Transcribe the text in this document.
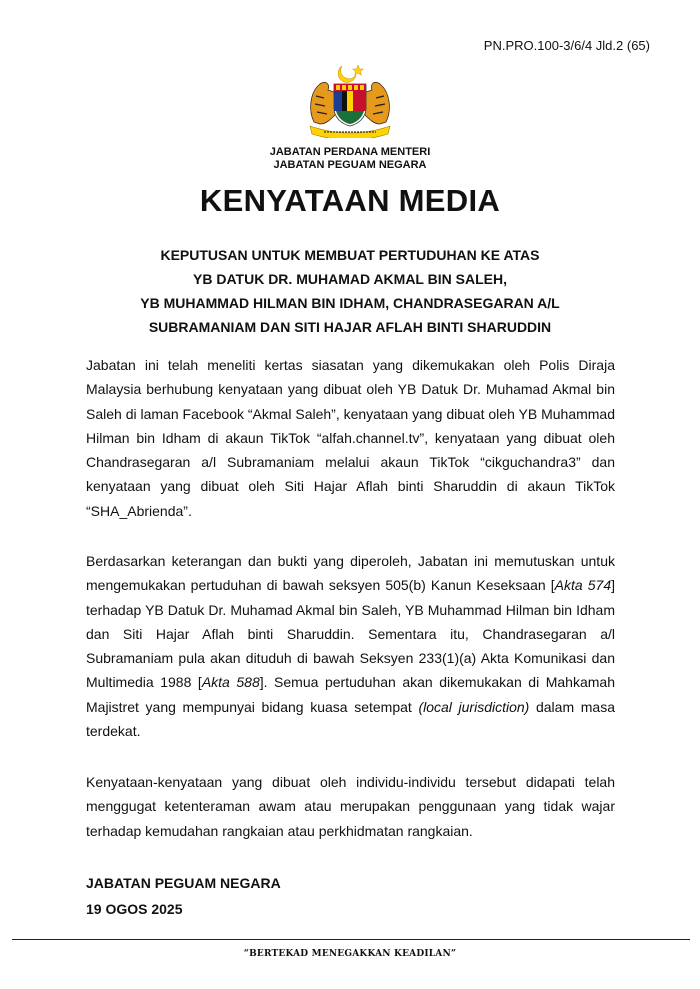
PN.PRO.100-3/6/4 Jld.2 (65)
JABATAN PERDANA MENTERI
JABATAN PEGUAM NEGARA
KENYATAAN MEDIA
KEPUTUSAN UNTUK MEMBUAT PERTUDUHAN KE ATAS
YB DATUK DR. MUHAMAD AKMAL BIN SALEH,
YB MUHAMMAD HILMAN BIN IDHAM, CHANDRASEGARAN A/L
SUBRAMANIAM DAN SITI HAJAR AFLAH BINTI SHARUDDIN
Jabatan ini telah meneliti kertas siasatan yang dikemukakan oleh Polis Diraja Malaysia berhubung kenyataan yang dibuat oleh YB Datuk Dr. Muhamad Akmal bin Saleh di laman Facebook “Akmal Saleh”, kenyataan yang dibuat oleh YB Muhammad Hilman bin Idham di akaun TikTok “alfah.channel.tv”, kenyataan yang dibuat oleh Chandrasegaran a/l Subramaniam melalui akaun TikTok “cikguchandra3” dan kenyataan yang dibuat oleh Siti Hajar Aflah binti Sharuddin di akaun TikTok “SHA_Abrienda”.
Berdasarkan keterangan dan bukti yang diperoleh, Jabatan ini memutuskan untuk mengemukakan pertuduhan di bawah seksyen 505(b) Kanun Keseksaan [Akta 574] terhadap YB Datuk Dr. Muhamad Akmal bin Saleh, YB Muhammad Hilman bin Idham dan Siti Hajar Aflah binti Sharuddin. Sementara itu, Chandrasegaran a/l Subramaniam pula akan dituduh di bawah Seksyen 233(1)(a) Akta Komunikasi dan Multimedia 1988 [Akta 588]. Semua pertuduhan akan dikemukakan di Mahkamah Majistret yang mempunyai bidang kuasa setempat (local jurisdiction) dalam masa terdekat.
Kenyataan-kenyataan yang dibuat oleh individu-individu tersebut didapati telah menggugat ketenteraman awam atau merupakan penggunaan yang tidak wajar terhadap kemudahan rangkaian atau perkhidmatan rangkaian.
JABATAN PEGUAM NEGARA
19 OGOS 2025
“BERTEKAD MENEGAKKAN KEADILAN”
